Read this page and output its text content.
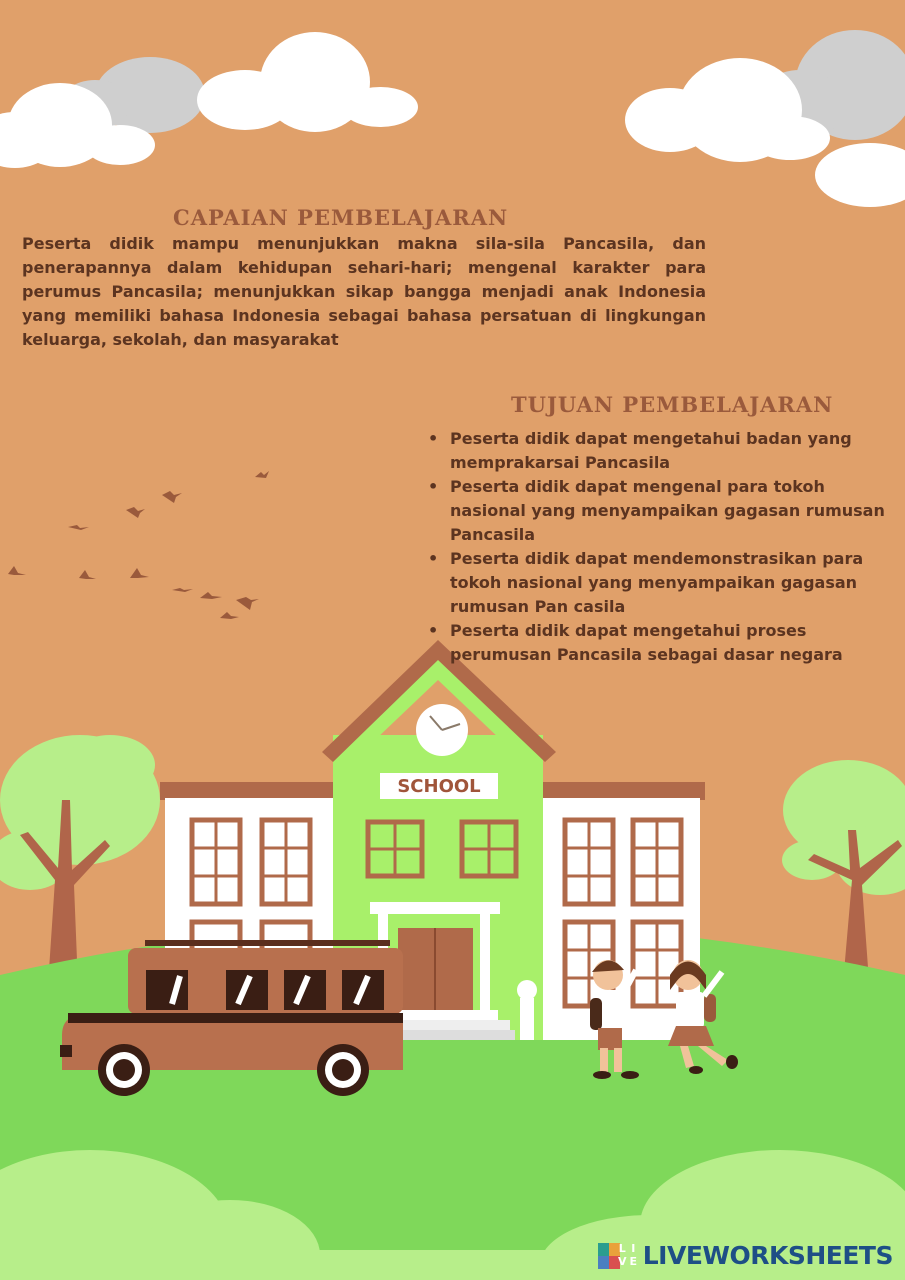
SCHOOL
CAPAIAN PEMBELAJARAN

Peserta didik mampu menunjukkan makna sila-sila Pancasila, dan penerapannya dalam kehidupan sehari-hari; mengenal karakter para perumus Pancasila; menunjukkan sikap bangga menjadi anak Indonesia yang memiliki bahasa Indonesia sebagai bahasa persatuan di lingkungan keluarga, sekolah, dan masyarakat

TUJUAN PEMBELAJARAN
• Peserta didik dapat mengetahui badan yang memprakarsai Pancasila
• Peserta didik dapat mengenal para tokoh nasional yang menyampaikan gagasan rumusan Pancasila
• Peserta didik dapat mendemonstrasikan para tokoh nasional yang menyampaikan gagasan rumusan Pan casila
• Peserta didik dapat mengetahui proses perumusan Pancasila sebagai dasar negara
L I
V E LIVEWORKSHEETS
